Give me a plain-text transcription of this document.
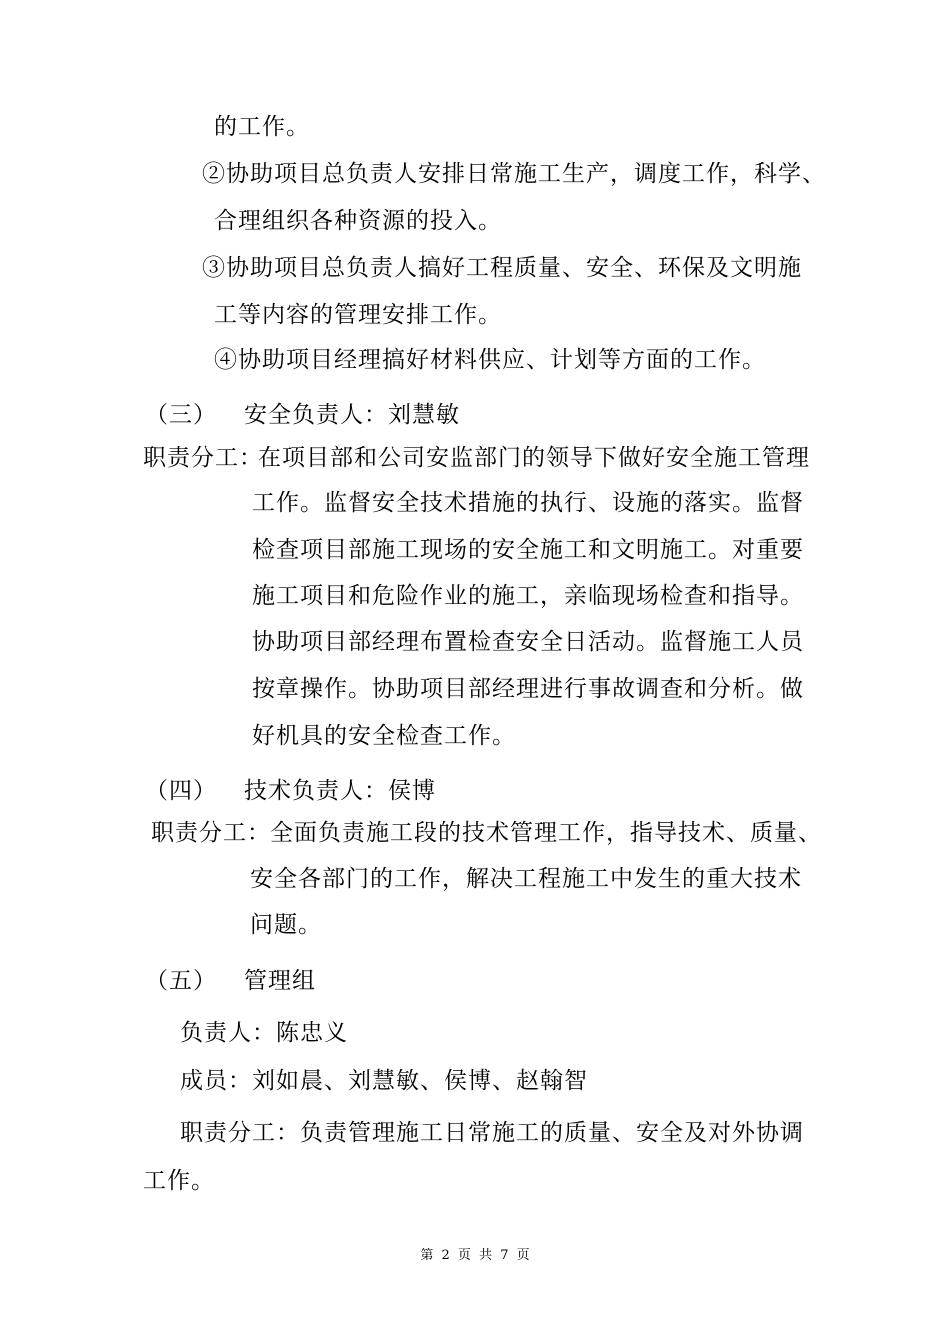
的工作。
②协助项目总负责人安排日常施工生产，调度工作，科学、
合理组织各种资源的投入。
③协助项目总负责人搞好工程质量、安全、环保及文明施
工等内容的管理安排工作。
④协助项目经理搞好材料供应、计划等方面的工作。
（三） 安全负责人：刘慧敏
职责分工：
在项目部和公司安监部门的领导下做好安全施工管理
工作。监督安全技术措施的执行、设施的落实。监督
检查项目部施工现场的安全施工和文明施工。对重要
施工项目和危险作业的施工，亲临现场检查和指导。
协助项目部经理布置检查安全日活动。监督施工人员
按章操作。协助项目部经理进行事故调查和分析。做
好机具的安全检查工作。
（四） 技术负责人：侯博
职责分工： 全面负责施工段的技术管理工作，指导技术、质量、
安全各部门的工作，解决工程施工中发生的重大技术
问题。
（五） 管理组
负责人：陈忠义
成员：刘如晨、刘慧敏、侯博、赵翰智
职责分工：负责管理施工日常施工的质量、安全及对外协调
工作。
第 2 页 共 7 页
